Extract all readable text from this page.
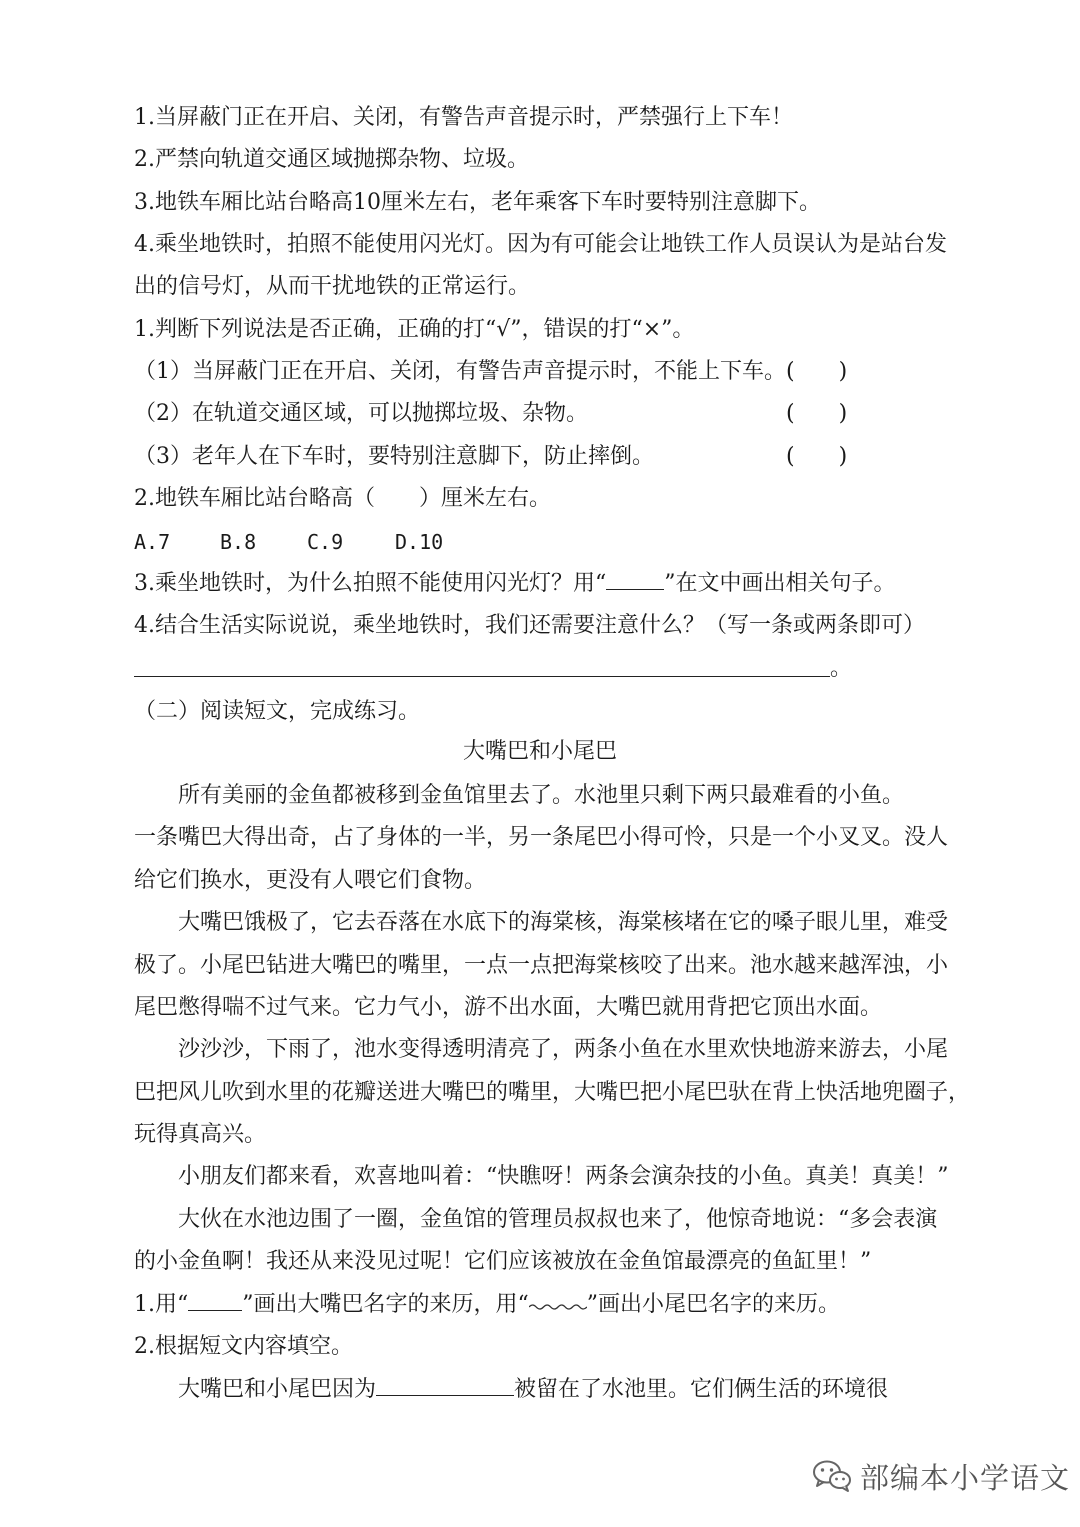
1.当屏蔽门正在开启、关闭，有警告声音提示时，严禁强行上下车！
2.严禁向轨道交通区域抛掷杂物、垃圾。
3.地铁车厢比站台略高10厘米左右，老年乘客下车时要特别注意脚下。
4.乘坐地铁时，拍照不能使用闪光灯。因为有可能会让地铁工作人员误认为是站台发
出的信号灯，从而干扰地铁的正常运行。
1.判断下列说法是否正确，正确的打“√”，错误的打“×”。
（1）当屏蔽门正在开启、关闭，有警告声音提示时，不能上下车。 (　　)
（2）在轨道交通区域，可以抛掷垃圾、杂物。	(　　)
（3）老年人在下车时，要特别注意脚下，防止摔倒。	(　　)
2.地铁车厢比站台略高（　　）厘米左右。
A.7 B.8	C.9	D.10
3.乘坐地铁时，为什么拍照不能使用闪光灯？用“	”在文中画出相关句子。
4.结合生活实际说说，乘坐地铁时，我们还需要注意什么？（写一条或两条即可）
。
（二）阅读短文，完成练习。
大嘴巴和小尾巴
　　所有美丽的金鱼都被移到金鱼馆里去了。水池里只剩下两只最难看的小鱼。
一条嘴巴大得出奇，占了身体的一半，另一条尾巴小得可怜，只是一个小叉叉。没人
给它们换水，更没有人喂它们食物。
　　大嘴巴饿极了，它去吞落在水底下的海棠核，海棠核堵在它的嗓子眼儿里，难受
极了。小尾巴钻进大嘴巴的嘴里，一点一点把海棠核咬了出来。池水越来越浑浊，小
尾巴憋得喘不过气来。它力气小，游不出水面，大嘴巴就用背把它顶出水面。
　　沙沙沙，下雨了，池水变得透明清亮了，两条小鱼在水里欢快地游来游去，小尾
巴把风儿吹到水里的花瓣送进大嘴巴的嘴里，大嘴巴把小尾巴驮在背上快活地兜圈子，
玩得真高兴。
　　小朋友们都来看，欢喜地叫着：“快瞧呀！两条会演杂技的小鱼。真美！真美！”
　　大伙在水池边围了一圈，金鱼馆的管理员叔叔也来了，他惊奇地说：“多会表演
的小金鱼啊！我还从来没见过呢！它们应该被放在金鱼馆最漂亮的鱼缸里！”
1.用“ ”画出大嘴巴名字的来历，用“	”画出小尾巴名字的来历。
2.根据短文内容填空。
　　大嘴巴和小尾巴因为	被留在了水池里。它们俩生活的环境很
部编本小学语文
